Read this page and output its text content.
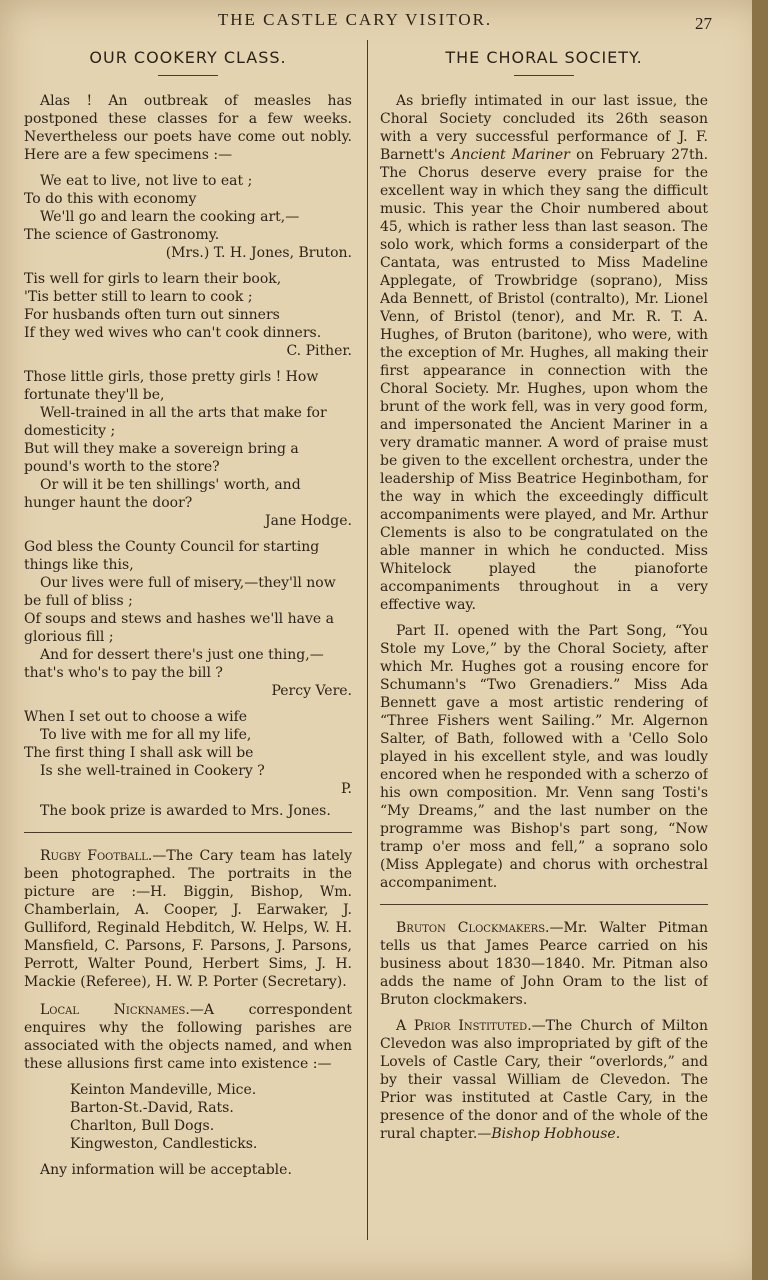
THE CASTLE CARY VISITOR.	27
OUR COOKERY CLASS.

Alas ! An outbreak of measles has postponed these classes for a few weeks. Nevertheless our poets have come out nobly. Here are a few specimens :—

We eat to live, not live to eat ;

To do this with economy

We'll go and learn the cooking art,—

The science of Gastronomy.

(Mrs.) T. H. Jones, Bruton.

Tis well for girls to learn their book,

'Tis better still to learn to cook ;

For husbands often turn out sinners

If they wed wives who can't cook dinners.

C. Pither.

Those little girls, those pretty girls ! How fortunate they'll be,

Well-trained in all the arts that make for domesticity ;

But will they make a sovereign bring a pound's worth to the store?

Or will it be ten shillings' worth, and hunger haunt the door?

Jane Hodge.

God bless the County Council for starting things like this,

Our lives were full of misery,—they'll now be full of bliss ;

Of soups and stews and hashes we'll have a glorious fill ;

And for dessert there's just one thing,—that's who's to pay the bill ?

Percy Vere.

When I set out to choose a wife

To live with me for all my life,

The first thing I shall ask will be

Is she well-trained in Cookery ?

P.

The book prize is awarded to Mrs. Jones.

Rugby Football.—The Cary team has lately been photographed. The portraits in the picture are :—H. Biggin, Bishop, Wm. Chamberlain, A. Cooper, J. Earwaker, J. Gulliford, Reginald Hebditch, W. Helps, W. H. Mansfield, C. Parsons, F. Parsons, J. Parsons, Perrott, Walter Pound, Herbert Sims, J. H. Mackie (Referee), H. W. P. Porter (Secretary).

Local Nicknames.—A correspondent enquires why the following parishes are associated with the objects named, and when these allusions first came into existence :—

Keinton Mandeville, Mice.

Barton-St.-David, Rats.

Charlton, Bull Dogs.

Kingweston, Candlesticks.

Any information will be acceptable.

THE CHORAL SOCIETY.

As briefly intimated in our last issue, the Choral Society concluded its 26th season with a very successful performance of J. F. Barnett's Ancient Mariner on February 27th. The Chorus deserve every praise for the excellent way in which they sang the difficult music. This year the Choir numbered about 45, which is rather less than last season. The solo work, which forms a considerpart of the Cantata, was entrusted to Miss Madeline Applegate, of Trowbridge (soprano), Miss Ada Bennett, of Bristol (contralto), Mr. Lionel Venn, of Bristol (tenor), and Mr. R. T. A. Hughes, of Bruton (baritone), who were, with the exception of Mr. Hughes, all making their first appearance in connection with the Choral Society. Mr. Hughes, upon whom the brunt of the work fell, was in very good form, and impersonated the Ancient Mariner in a very dramatic manner. A word of praise must be given to the excellent orchestra, under the leadership of Miss Beatrice Heginbotham, for the way in which the exceedingly difficult accompaniments were played, and Mr. Arthur Clements is also to be congratulated on the able manner in which he conducted. Miss Whitelock played the pianoforte accompaniments throughout in a very effective way.

Part II. opened with the Part Song, “You Stole my Love,” by the Choral Society, after which Mr. Hughes got a rousing encore for Schumann's “Two Grenadiers.” Miss Ada Bennett gave a most artistic rendering of “Three Fishers went Sailing.” Mr. Algernon Salter, of Bath, followed with a 'Cello Solo played in his excellent style, and was loudly encored when he responded with a scherzo of his own composition. Mr. Venn sang Tosti's “My Dreams,” and the last number on the programme was Bishop's part song, “Now tramp o'er moss and fell,” a soprano solo (Miss Applegate) and chorus with orchestral accompaniment.

Bruton Clockmakers.—Mr. Walter Pitman tells us that James Pearce carried on his business about 1830—1840. Mr. Pitman also adds the name of John Oram to the list of Bruton clockmakers.

A Prior Instituted.—The Church of Milton Clevedon was also impropriated by gift of the Lovels of Castle Cary, their “overlords,” and by their vassal William de Clevedon. The Prior was instituted at Castle Cary, in the presence of the donor and of the whole of the rural chapter.—Bishop Hobhouse.
